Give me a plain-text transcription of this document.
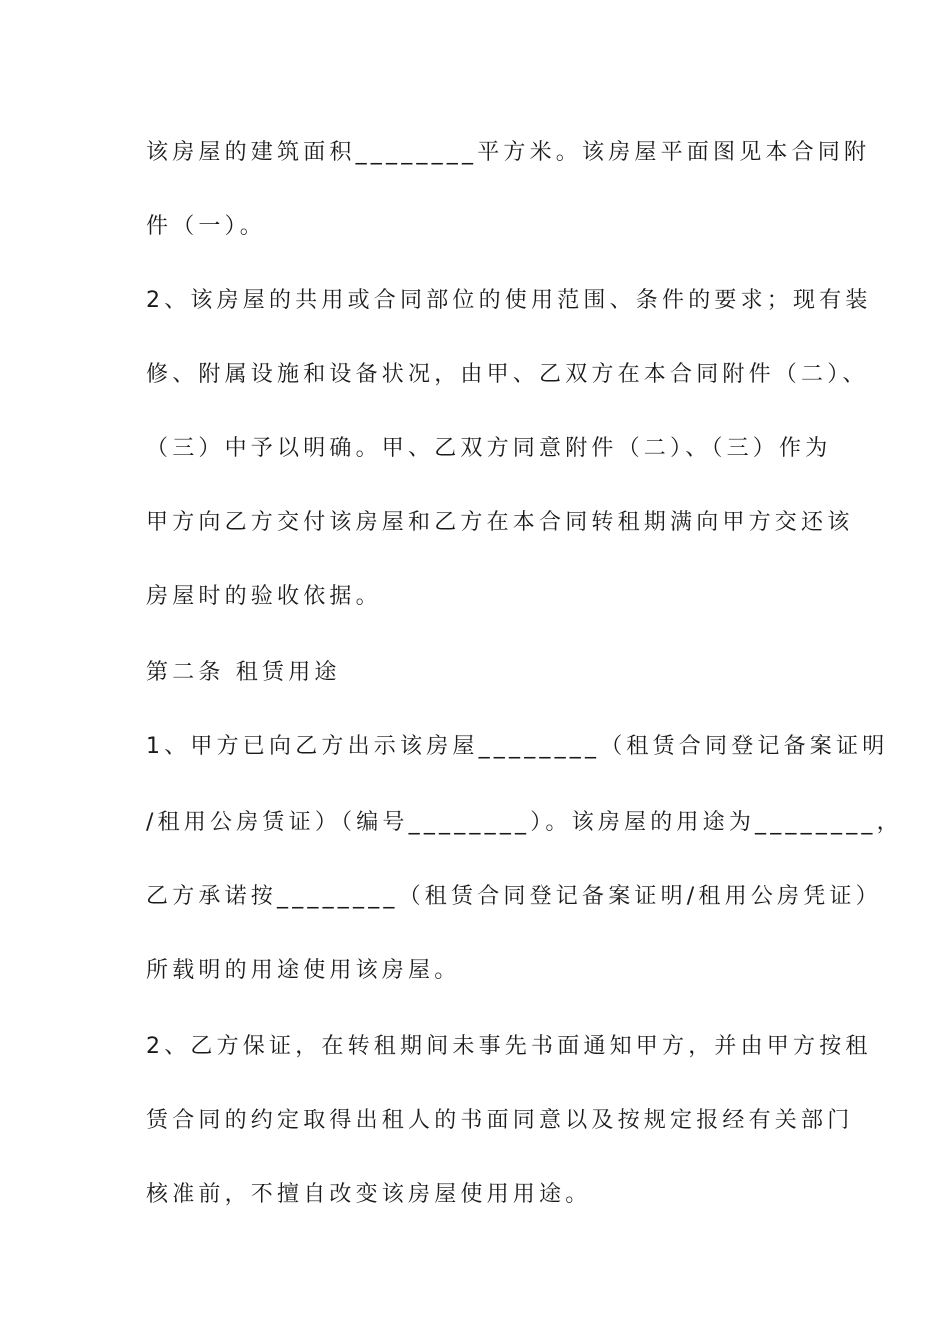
该房屋的建筑面积________平方米。该房屋平面图见本合同附
件（一）。
2、该房屋的共用或合同部位的使用范围、条件的要求；现有装
修、附属设施和设备状况，由甲、乙双方在本合同附件（二）、
（三）中予以明确。甲、乙双方同意附件（二）、（三）作为
甲方向乙方交付该房屋和乙方在本合同转租期满向甲方交还该
房屋时的验收依据。
第二条 租赁用途
1、甲方已向乙方出示该房屋________（租赁合同登记备案证明
/租用公房赁证）（编号________）。该房屋的用途为________，
乙方承诺按________（租赁合同登记备案证明/租用公房凭证）
所载明的用途使用该房屋。
2、乙方保证，在转租期间未事先书面通知甲方，并由甲方按租
赁合同的约定取得出租人的书面同意以及按规定报经有关部门
核准前，不擅自改变该房屋使用用途。
